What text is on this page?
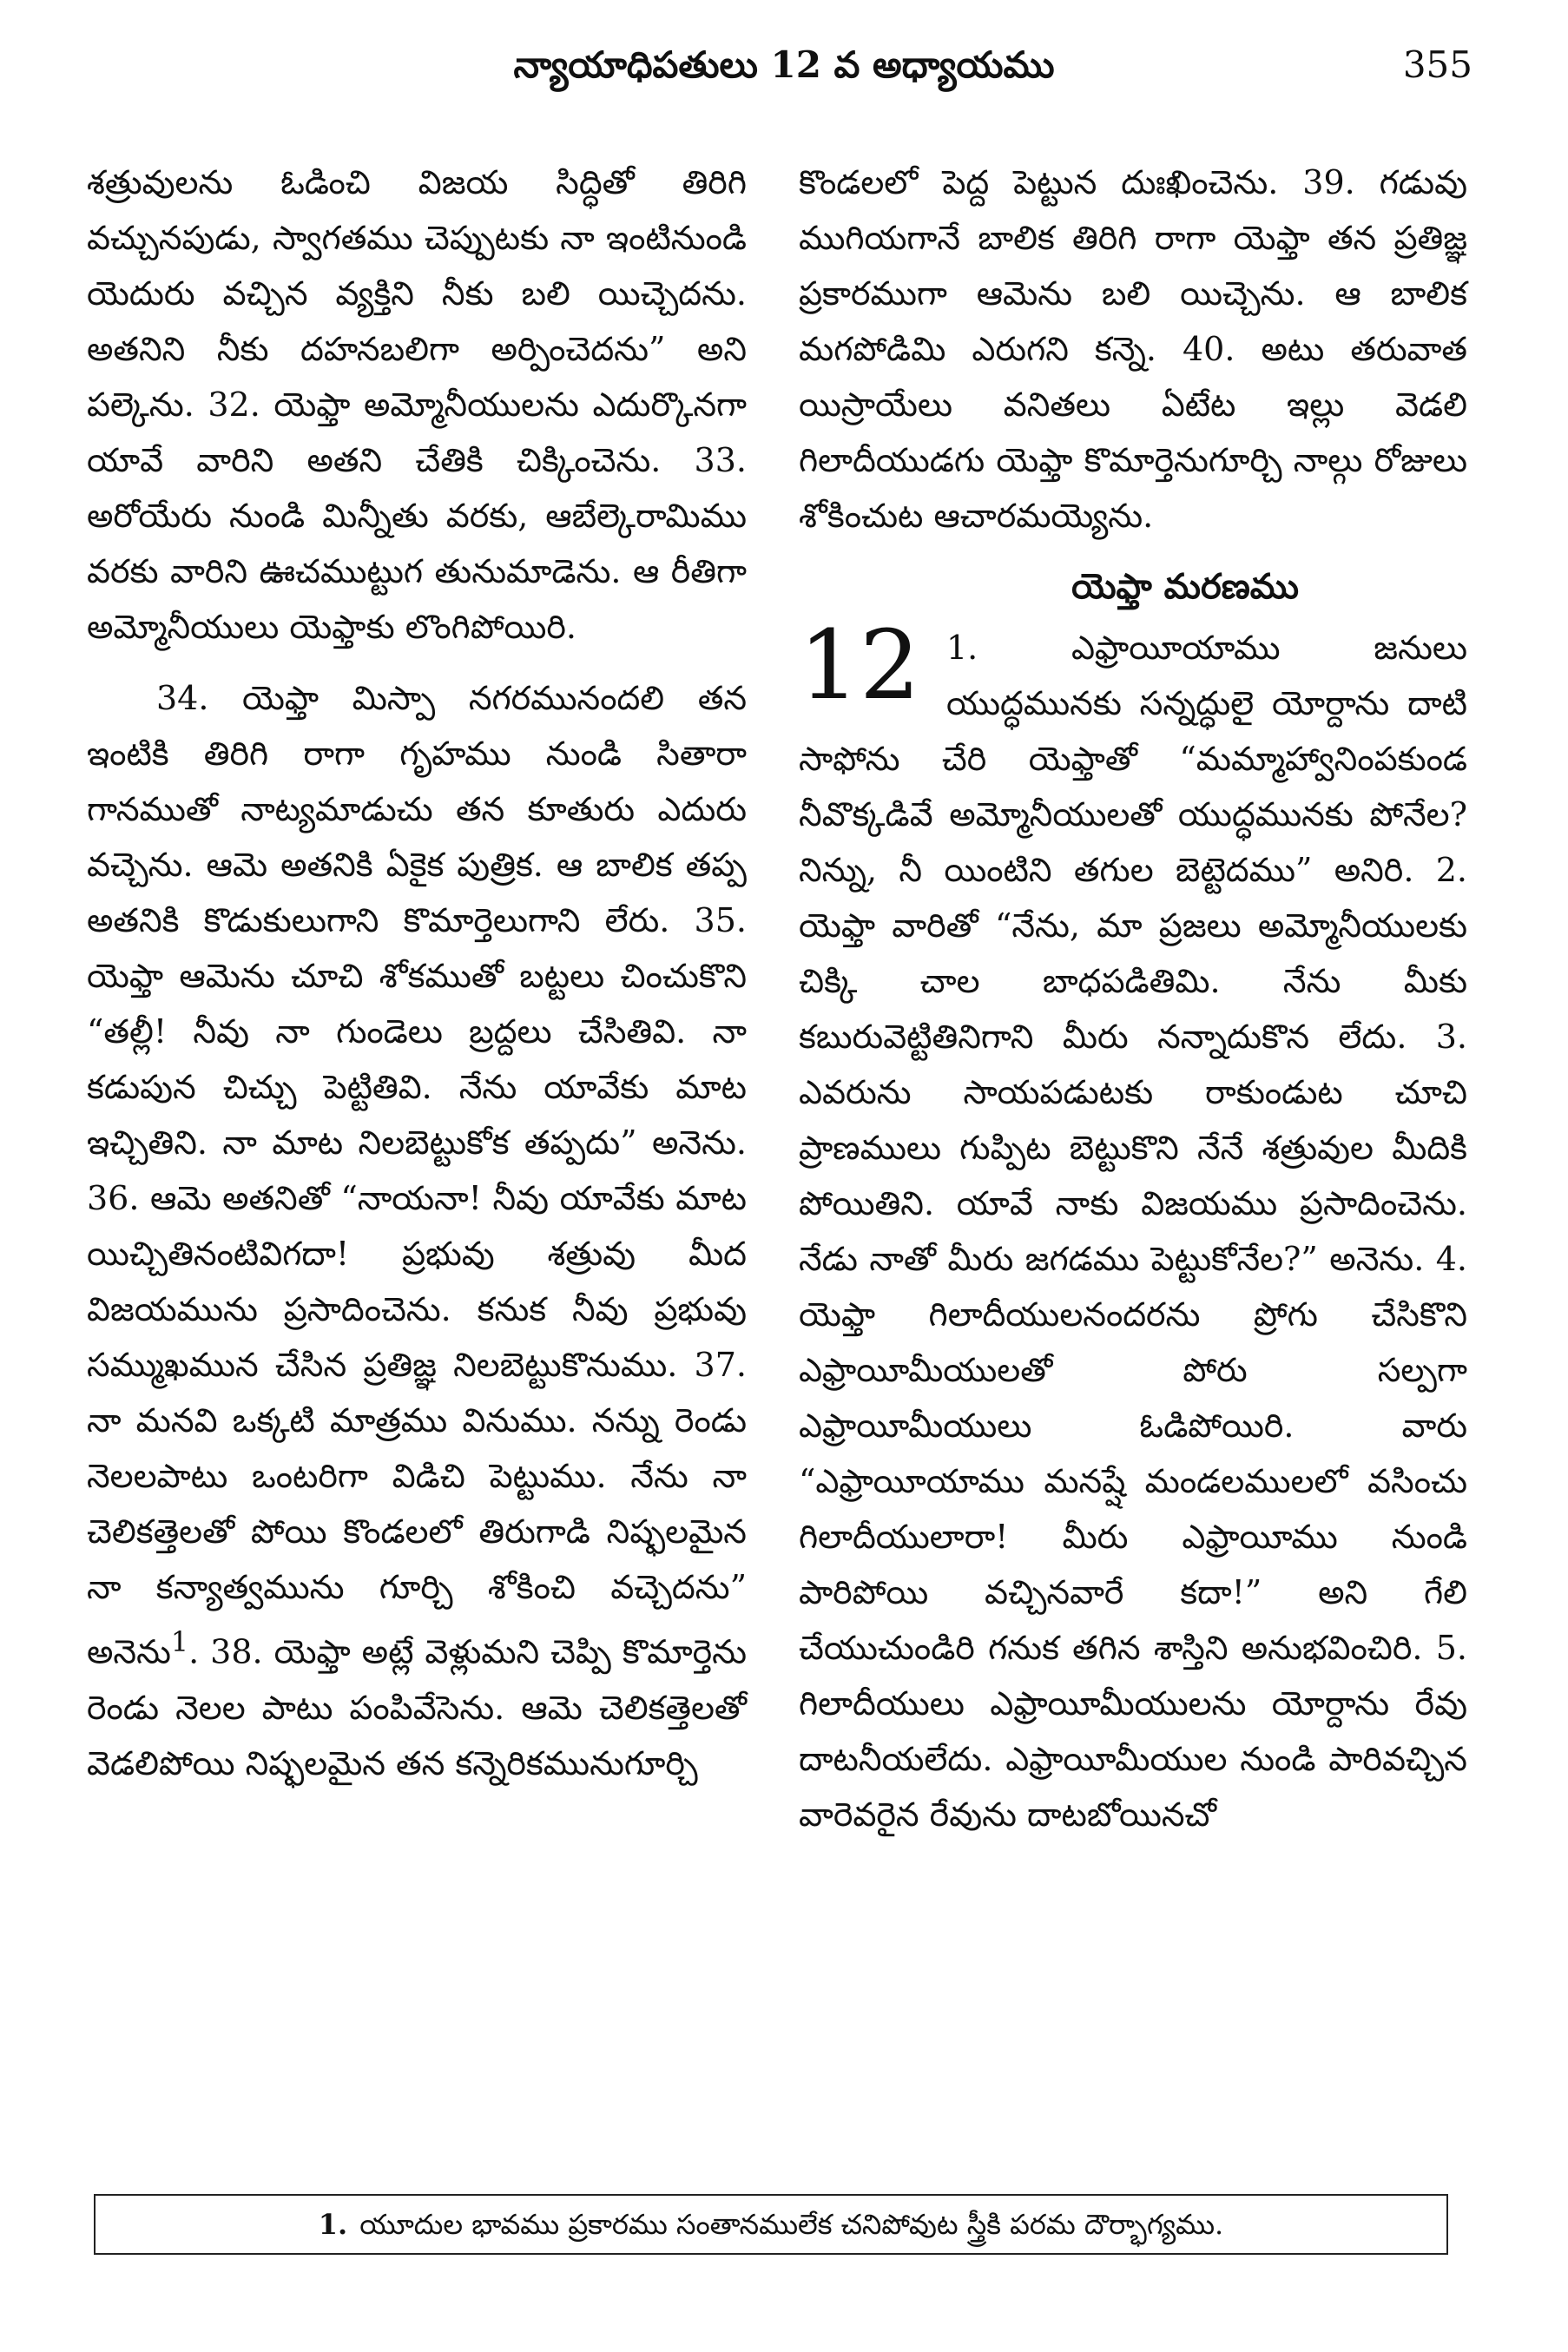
న్యాయాధిపతులు 12 వ అధ్యాయము	355

శత్రువులను ఓడించి విజయ సిద్ధితో తిరిగి వచ్చునపుడు, స్వాగతము చెప్పుటకు నా ఇంటినుండి యెదురు వచ్చిన వ్యక్తిని నీకు బలి యిచ్చెదను. అతనిని నీకు దహనబలిగా అర్పించెదను” అని పల్కెను. 32. యెఫ్తా అమ్మోనీయులను ఎదుర్కొనగా యావే వారిని అతని చేతికి చిక్కించెను. 33. అరోయేరు నుండి మిన్నీతు వరకు, ఆబేల్కెరామిము వరకు వారిని ఊచముట్టుగ తునుమాడెను. ఆ రీతిగా అమ్మోనీయులు యెఫ్తాకు లొంగిపోయిరి.

34. యెఫ్తా మిస్పా నగరమునందలి తన ఇంటికి తిరిగి రాగా గృహము నుండి సితారా గానముతో నాట్యమాడుచు తన కూతురు ఎదురు వచ్చెను. ఆమె అతనికి ఏకైక పుత్రిక. ఆ బాలిక తప్ప అతనికి కొడుకులుగాని కొమార్తెలుగాని లేరు. 35. యెఫ్తా ఆమెను చూచి శోకముతో బట్టలు చించుకొని “తల్లీ! నీవు నా గుండెలు బ్రద్దలు చేసితివి. నా కడుపున చిచ్చు పెట్టితివి. నేను యావేకు మాట ఇచ్చితిని. నా మాట నిలబెట్టుకోక తప్పదు” అనెను. 36. ఆమె అతనితో “నాయనా! నీవు యావేకు మాట యిచ్చితినంటివిగదా! ప్రభువు శత్రువు మీద విజయమును ప్రసాదించెను. కనుక నీవు ప్రభువు సమ్ముఖమున చేసిన ప్రతిజ్ఞ నిలబెట్టుకొనుము. 37. నా మనవి ఒక్కటి మాత్రము వినుము. నన్ను రెండు నెలలపాటు ఒంటరిగా విడిచి పెట్టుము. నేను నా చెలికత్తెలతో పోయి కొండలలో తిరుగాడి నిష్ఫలమైన నా కన్యాత్వమును గూర్చి శోకించి వచ్చెదను” అనెను$^1$. 38. యెఫ్తా అట్లే వెళ్లుమని చెప్పి కొమార్తెను రెండు నెలల పాటు పంపివేసెను. ఆమె చెలికత్తెలతో వెడలిపోయి నిష్ఫలమైన తన కన్నెరికమునుగూర్చి

కొండలలో పెద్ద పెట్టున దుఃఖించెను. 39. గడువు ముగియగానే బాలిక తిరిగి రాగా యెఫ్తా తన ప్రతిజ్ఞ ప్రకారముగా ఆమెను బలి యిచ్చెను. ఆ బాలిక మగపోడిమి ఎరుగని కన్నె. 40. అటు తరువాత యిస్రాయేలు వనితలు ఏటేట ఇల్లు వెడలి గిలాదీయుడగు యెఫ్తా కొమార్తెనుగూర్చి నాల్గు రోజులు శోకించుట ఆచారమయ్యెను.

యెఫ్తా మరణము

12 1. ఎఫ్రాయీయాము జనులు యుద్ధమునకు సన్నద్ధులై యోర్దాను దాటి సాఫోను చేరి యెఫ్తాతో “మమ్మాహ్వానింపకుండ నీవొక్కడివే అమ్మోనీయులతో యుద్ధమునకు పోనేల? నిన్ను, నీ యింటిని తగుల బెట్టెదము” అనిరి. 2. యెఫ్తా వారితో “నేను, మా ప్రజలు అమ్మోనీయులకు చిక్కి చాల బాధపడితిమి. నేను మీకు కబురువెట్టితినిగాని మీరు నన్నాదుకొన లేదు. 3. ఎవరును సాయపడుటకు రాకుండుట చూచి ప్రాణములు గుప్పిట బెట్టుకొని నేనే శత్రువుల మీదికి పోయితిని. యావే నాకు విజయము ప్రసాదించెను. నేడు నాతో మీరు జగడము పెట్టుకోనేల?” అనెను. 4. యెఫ్తా గిలాదీయులనందరను ప్రోగు చేసికొని ఎఫ్రాయీమీయులతో పోరు సల్పగా ఎఫ్రాయీమీయులు ఓడిపోయిరి. వారు “ఎఫ్రాయీయాము మనష్షే మండలములలో వసించు గిలాదీయులారా! మీరు ఎఫ్రాయీము నుండి పారిపోయి వచ్చినవారే కదా!” అని గేలి చేయుచుండిరి గనుక తగిన శాస్తిని అనుభవించిరి. 5. గిలాదీయులు ఎఫ్రాయీమీయులను యోర్దాను రేవు దాటనీయలేదు. ఎఫ్రాయీమీయుల నుండి పారివచ్చిన వారెవరైన రేవును దాటబోయినచో

1. యూదుల భావము ప్రకారము సంతానములేక చనిపోవుట స్త్రీకి పరమ దౌర్భాగ్యము.
